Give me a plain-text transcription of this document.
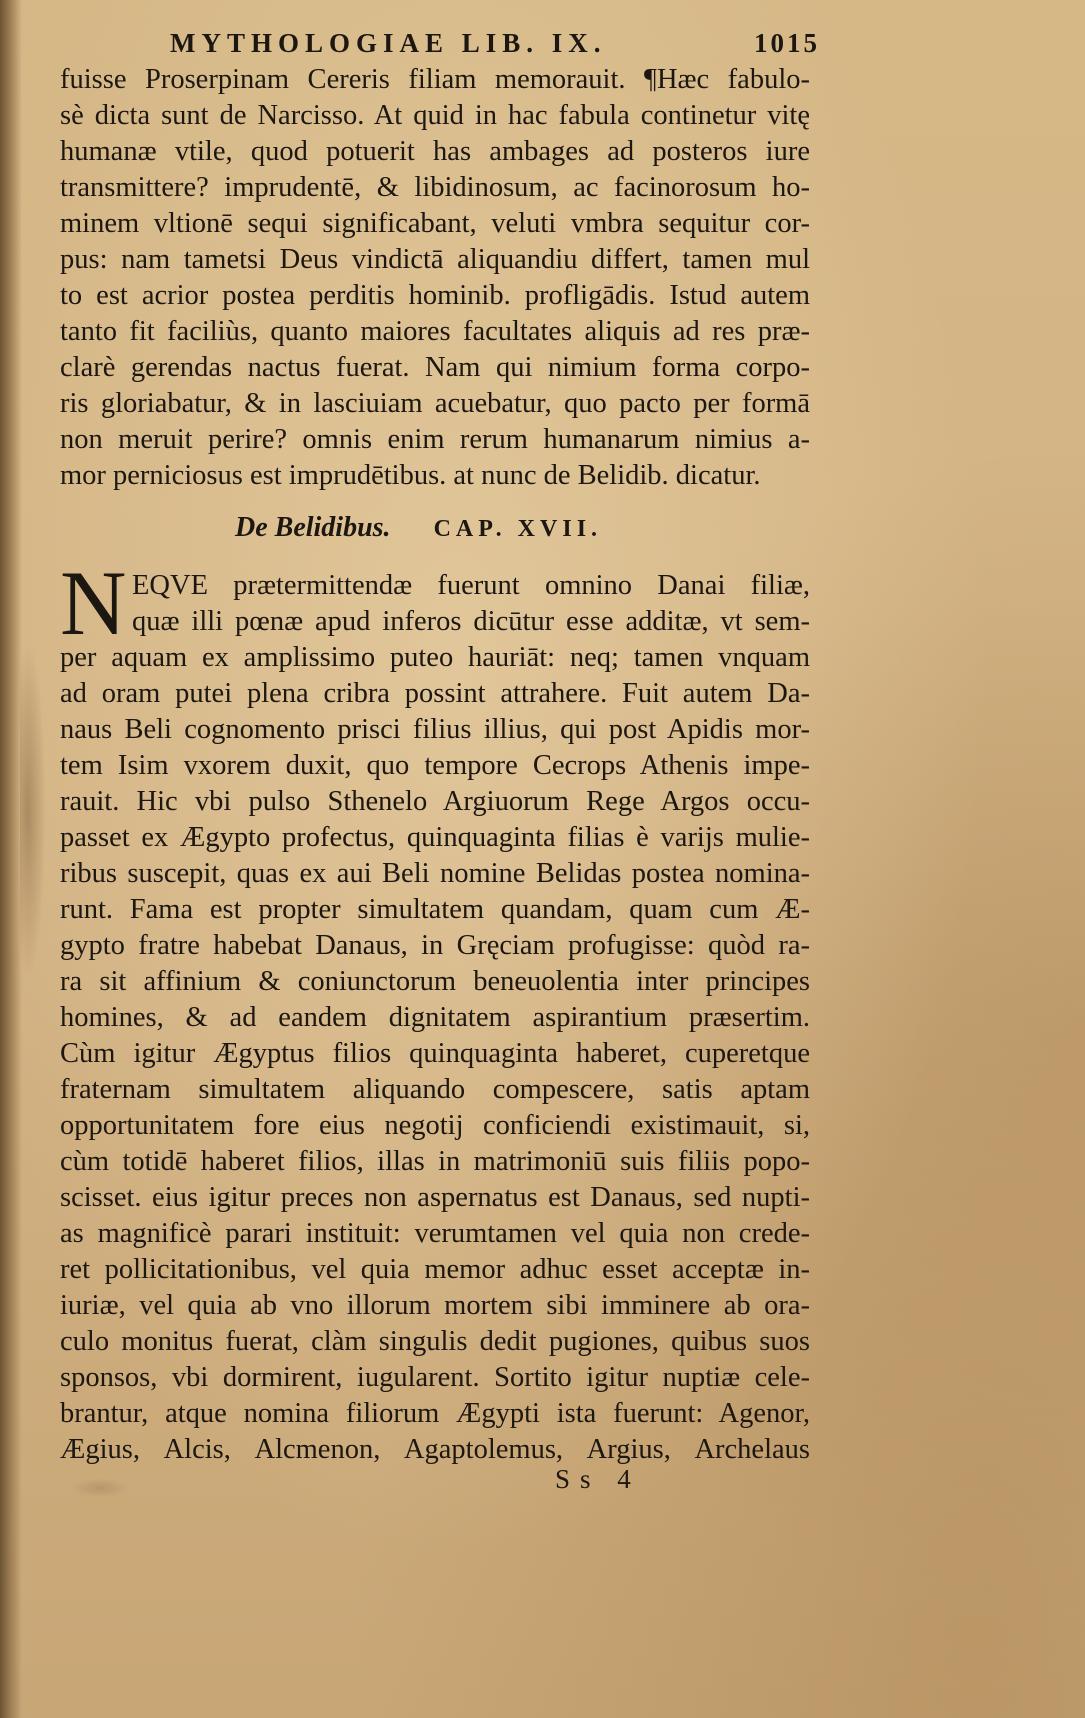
MYTHOLOGIAE LIB. IX.	1015
fuisse Proserpinam Cereris filiam memorauit. ¶Hæc fabulo-
sè dicta sunt de Narcisso. At quid in hac fabula continetur vitę
humanæ vtile, quod potuerit has ambages ad posteros iure
transmittere? imprudentē, & libidinosum, ac facinorosum ho-
minem vltionē sequi significabant, veluti vmbra sequitur cor-
pus: nam tametsi Deus vindictā aliquandiu differt, tamen mul
to est acrior postea perditis hominib. profligādis. Istud autem
tanto fit faciliùs, quanto maiores facultates aliquis ad res præ-
clarè gerendas nactus fuerat. Nam qui nimium forma corpo-
ris gloriabatur, & in lasciuiam acuebatur, quo pacto per formā
non meruit perire? omnis enim rerum humanarum nimius a-
mor perniciosus est imprudētibus. at nunc de Belidib. dicatur.
De Belidibus. CAP. XVII.
N EQVE prætermittendæ fuerunt omnino Danai filiæ,
quæ illi pœnæ apud inferos dicūtur esse additæ, vt sem-
per aquam ex amplissimo puteo hauriāt: neq; tamen vnquam
ad oram putei plena cribra possint attrahere. Fuit autem Da-
naus Beli cognomento prisci filius illius, qui post Apidis mor-
tem Isim vxorem duxit, quo tempore Cecrops Athenis impe-
rauit. Hic vbi pulso Sthenelo Argiuorum Rege Argos occu-
passet ex Ægypto profectus, quinquaginta filias è varijs mulie-
ribus suscepit, quas ex aui Beli nomine Belidas postea nomina-
runt. Fama est propter simultatem quandam, quam cum Æ-
gypto fratre habebat Danaus, in Gręciam profugisse: quòd ra-
ra sit affinium & coniunctorum beneuolentia inter principes
homines, & ad eandem dignitatem aspirantium præsertim.
Cùm igitur Ægyptus filios quinquaginta haberet, cuperetque
fraternam simultatem aliquando compescere, satis aptam
opportunitatem fore eius negotij conficiendi existimauit, si,
cùm totidē haberet filios, illas in matrimoniū suis filiis popo-
scisset. eius igitur preces non aspernatus est Danaus, sed nupti-
as magnificè parari instituit: verumtamen vel quia non crede-
ret pollicitationibus, vel quia memor adhuc esset acceptæ in-
iuriæ, vel quia ab vno illorum mortem sibi imminere ab ora-
culo monitus fuerat, clàm singulis dedit pugiones, quibus suos
sponsos, vbi dormirent, iugularent. Sortito igitur nuptiæ cele-
brantur, atque nomina filiorum Ægypti ista fuerunt: Agenor,
Ægius, Alcis, Alcmenon, Agaptolemus, Argius, Archelaus
Ss 4
